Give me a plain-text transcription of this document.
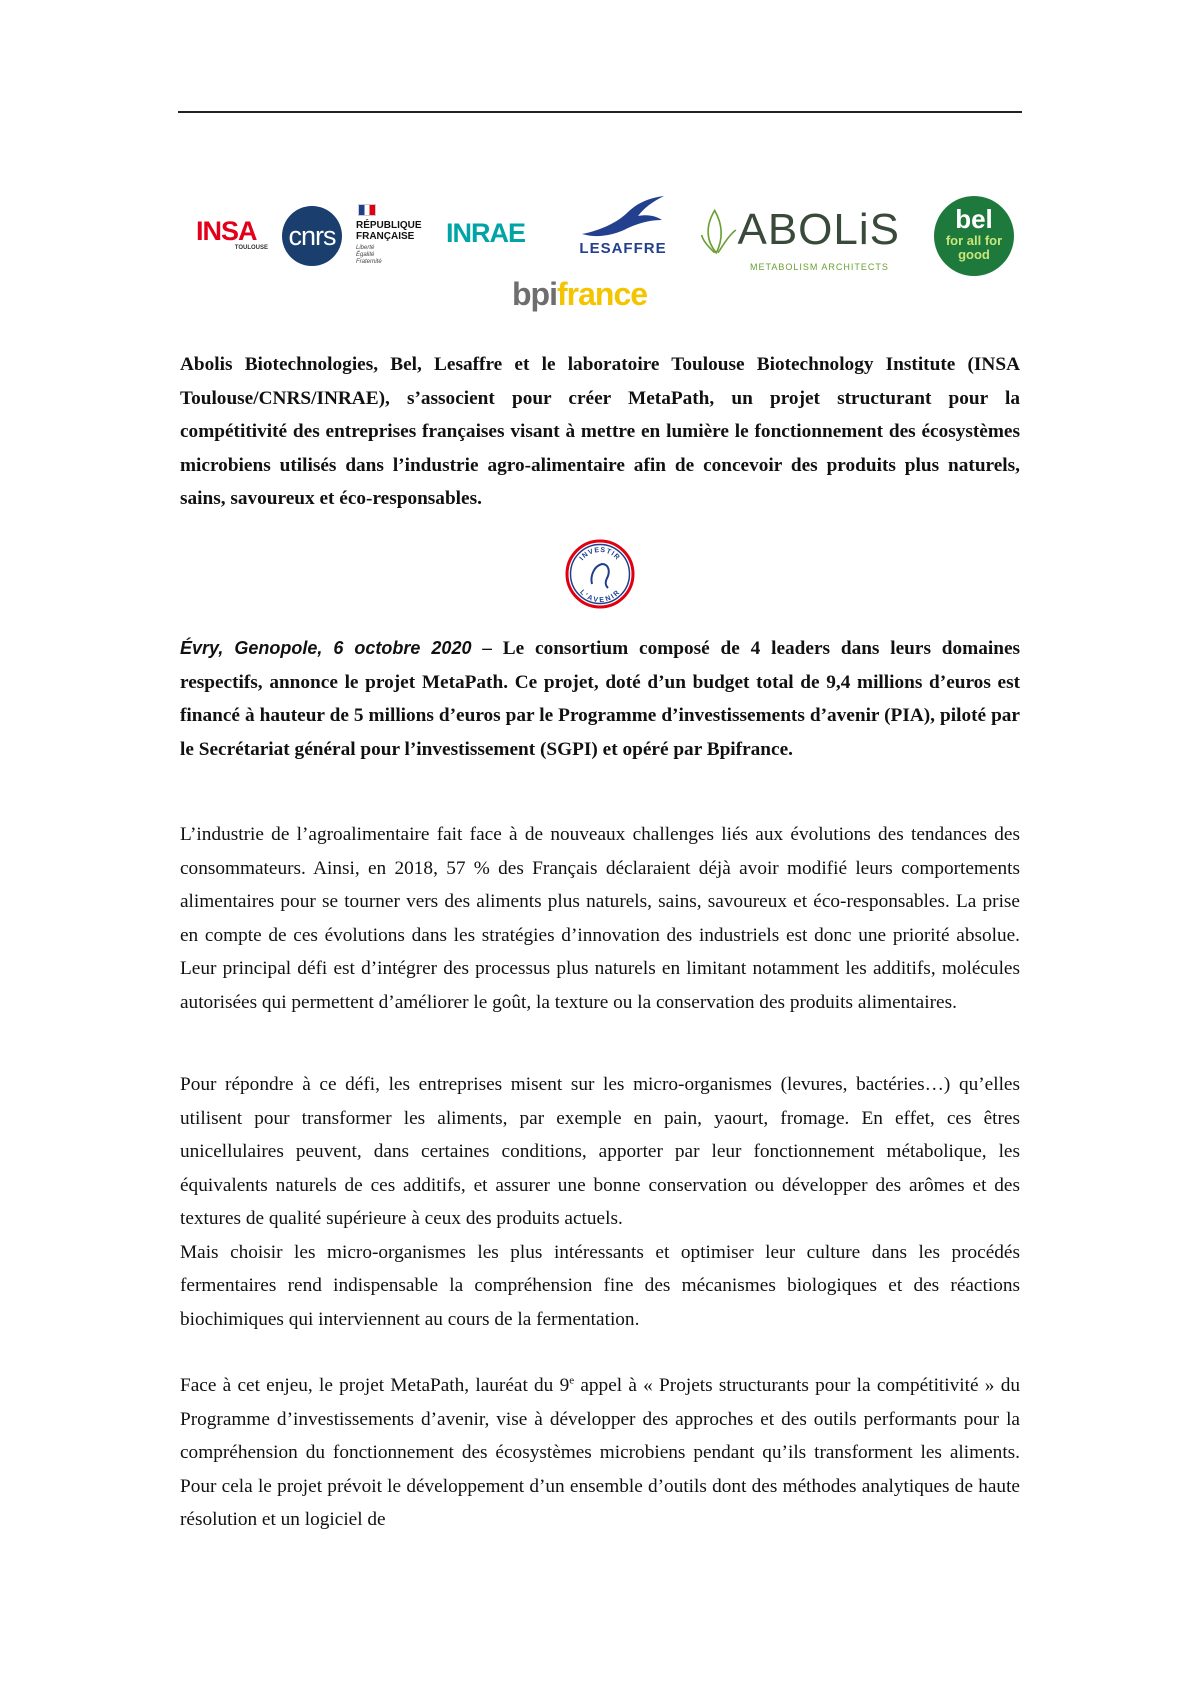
INSA
TOULOUSE cnrs RÉPUBLIQUE
FRANÇAISE
Liberté
Égalité
Fraternité
INRAE
LESAFFRE ABOLiS
METABOLISM ARCHITECTS
bel
for all for
good
bpifrance

Abolis Biotechnologies, Bel, Lesaffre et le laboratoire Toulouse Biotechnology Institute (INSA Toulouse/CNRS/INRAE), s’associent pour créer MetaPath, un projet structurant pour la compétitivité des entreprises françaises visant à mettre en lumière le fonctionnement des écosystèmes microbiens utilisés dans l’industrie agro-alimentaire afin de concevoir des produits plus naturels, sains, savoureux et éco-responsables.

INVESTIR
L'AVENIR

Évry, Genopole, 6 octobre 2020 – Le consortium composé de 4 leaders dans leurs domaines respectifs, annonce le projet MetaPath. Ce projet, doté d’un budget total de 9,4 millions d’euros est financé à hauteur de 5 millions d’euros par le Programme d’investissements d’avenir (PIA), piloté par le Secrétariat général pour l’investissement (SGPI) et opéré par Bpifrance.

L’industrie de l’agroalimentaire fait face à de nouveaux challenges liés aux évolutions des tendances des consommateurs. Ainsi, en 2018, 57 % des Français déclaraient déjà avoir modifié leurs comportements alimentaires pour se tourner vers des aliments plus naturels, sains, savoureux et éco-responsables. La prise en compte de ces évolutions dans les stratégies d’innovation des industriels est donc une priorité absolue. Leur principal défi est d’intégrer des processus plus naturels en limitant notamment les additifs, molécules autorisées qui permettent d’améliorer le goût, la texture ou la conservation des produits alimentaires.

Pour répondre à ce défi, les entreprises misent sur les micro-organismes (levures, bactéries…) qu’elles utilisent pour transformer les aliments, par exemple en pain, yaourt, fromage. En effet, ces êtres unicellulaires peuvent, dans certaines conditions, apporter par leur fonctionnement métabolique, les équivalents naturels de ces additifs, et assurer une bonne conservation ou développer des arômes et des textures de qualité supérieure à ceux des produits actuels.
Mais choisir les micro-organismes les plus intéressants et optimiser leur culture dans les procédés fermentaires rend indispensable la compréhension fine des mécanismes biologiques et des réactions biochimiques qui interviennent au cours de la fermentation.

Face à cet enjeu, le projet MetaPath, lauréat du 9e appel à « Projets structurants pour la compétitivité » du Programme d’investissements d’avenir, vise à développer des approches et des outils performants pour la compréhension du fonctionnement des écosystèmes microbiens pendant qu’ils transforment les aliments. Pour cela le projet prévoit le développement d’un ensemble d’outils dont des méthodes analytiques de haute résolution et un logiciel de
